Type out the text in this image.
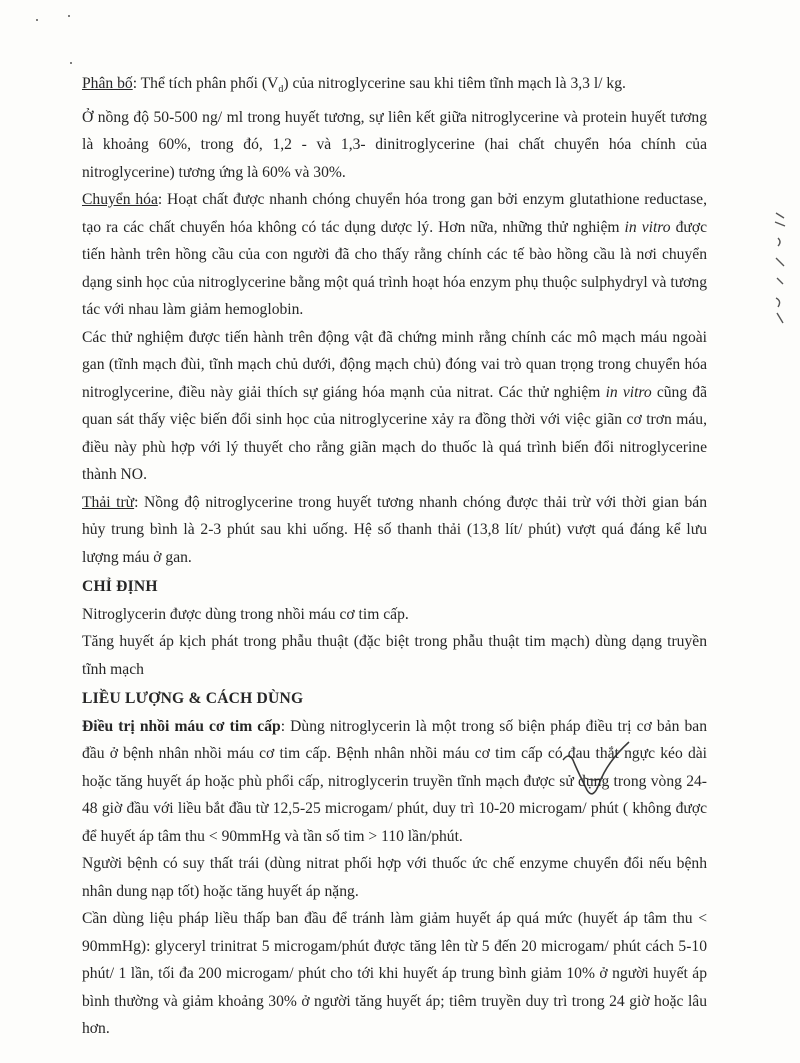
Phân bố: Thể tích phân phối $(V_d)$ của nitroglycerine sau khi tiêm tĩnh mạch là 3,3 l/ kg.

Ở nồng độ 50-500 ng/ ml trong huyết tương, sự liên kết giữa nitroglycerine và protein huyết tương là khoảng 60%, trong đó, 1,2 - và 1,3- dinitroglycerine (hai chất chuyển hóa chính của nitroglycerine) tương ứng là 60% và 30%.

Chuyển hóa: Hoạt chất được nhanh chóng chuyển hóa trong gan bởi enzym glutathione reductase, tạo ra các chất chuyển hóa không có tác dụng dược lý. Hơn nữa, những thử nghiệm in vitro được tiến hành trên hồng cầu của con người đã cho thấy rằng chính các tế bào hồng cầu là nơi chuyển dạng sinh học của nitroglycerine bằng một quá trình hoạt hóa enzym phụ thuộc sulphydryl và tương tác với nhau làm giảm hemoglobin.

Các thử nghiệm được tiến hành trên động vật đã chứng minh rằng chính các mô mạch máu ngoài gan (tĩnh mạch đùi, tĩnh mạch chủ dưới, động mạch chủ) đóng vai trò quan trọng trong chuyển hóa nitroglycerine, điều này giải thích sự giáng hóa mạnh của nitrat. Các thử nghiệm in vitro cũng đã quan sát thấy việc biến đổi sinh học của nitroglycerine xảy ra đồng thời với việc giãn cơ trơn máu, điều này phù hợp với lý thuyết cho rằng giãn mạch do thuốc là quá trình biến đổi nitroglycerine thành NO.

Thải trừ: Nồng độ nitroglycerine trong huyết tương nhanh chóng được thải trừ với thời gian bán hủy trung bình là 2-3 phút sau khi uống. Hệ số thanh thải (13,8 lít/ phút) vượt quá đáng kể lưu lượng máu ở gan.

CHỈ ĐỊNH

Nitroglycerin được dùng trong nhồi máu cơ tim cấp.

Tăng huyết áp kịch phát trong phẫu thuật (đặc biệt trong phẫu thuật tim mạch) dùng dạng truyền tĩnh mạch

LIỀU LƯỢNG & CÁCH DÙNG

Điều trị nhồi máu cơ tim cấp: Dùng nitroglycerin là một trong số biện pháp điều trị cơ bản ban đầu ở bệnh nhân nhồi máu cơ tim cấp. Bệnh nhân nhồi máu cơ tim cấp có đau thắt ngực kéo dài hoặc tăng huyết áp hoặc phù phổi cấp, nitroglycerin truyền tĩnh mạch được sử dụng trong vòng 24-48 giờ đầu với liều bắt đầu từ 12,5-25 microgam/ phút, duy trì 10-20 microgam/ phút ( không được để huyết áp tâm thu < 90mmHg và tần số tim > 110 lần/phút.

Người bệnh có suy thất trái (dùng nitrat phối hợp với thuốc ức chế enzyme chuyển đổi nếu bệnh nhân dung nạp tốt) hoặc tăng huyết áp nặng.

Cần dùng liệu pháp liều thấp ban đầu để tránh làm giảm huyết áp quá mức (huyết áp tâm thu < 90mmHg): glyceryl trinitrat 5 microgam/phút được tăng lên từ 5 đến 20 microgam/ phút cách 5-10 phút/ 1 lần, tối đa 200 microgam/ phút cho tới khi huyết áp trung bình giảm 10% ở người huyết áp bình thường và giảm khoảng 30% ở người tăng huyết áp; tiêm truyền duy trì trong 24 giờ hoặc lâu hơn.
